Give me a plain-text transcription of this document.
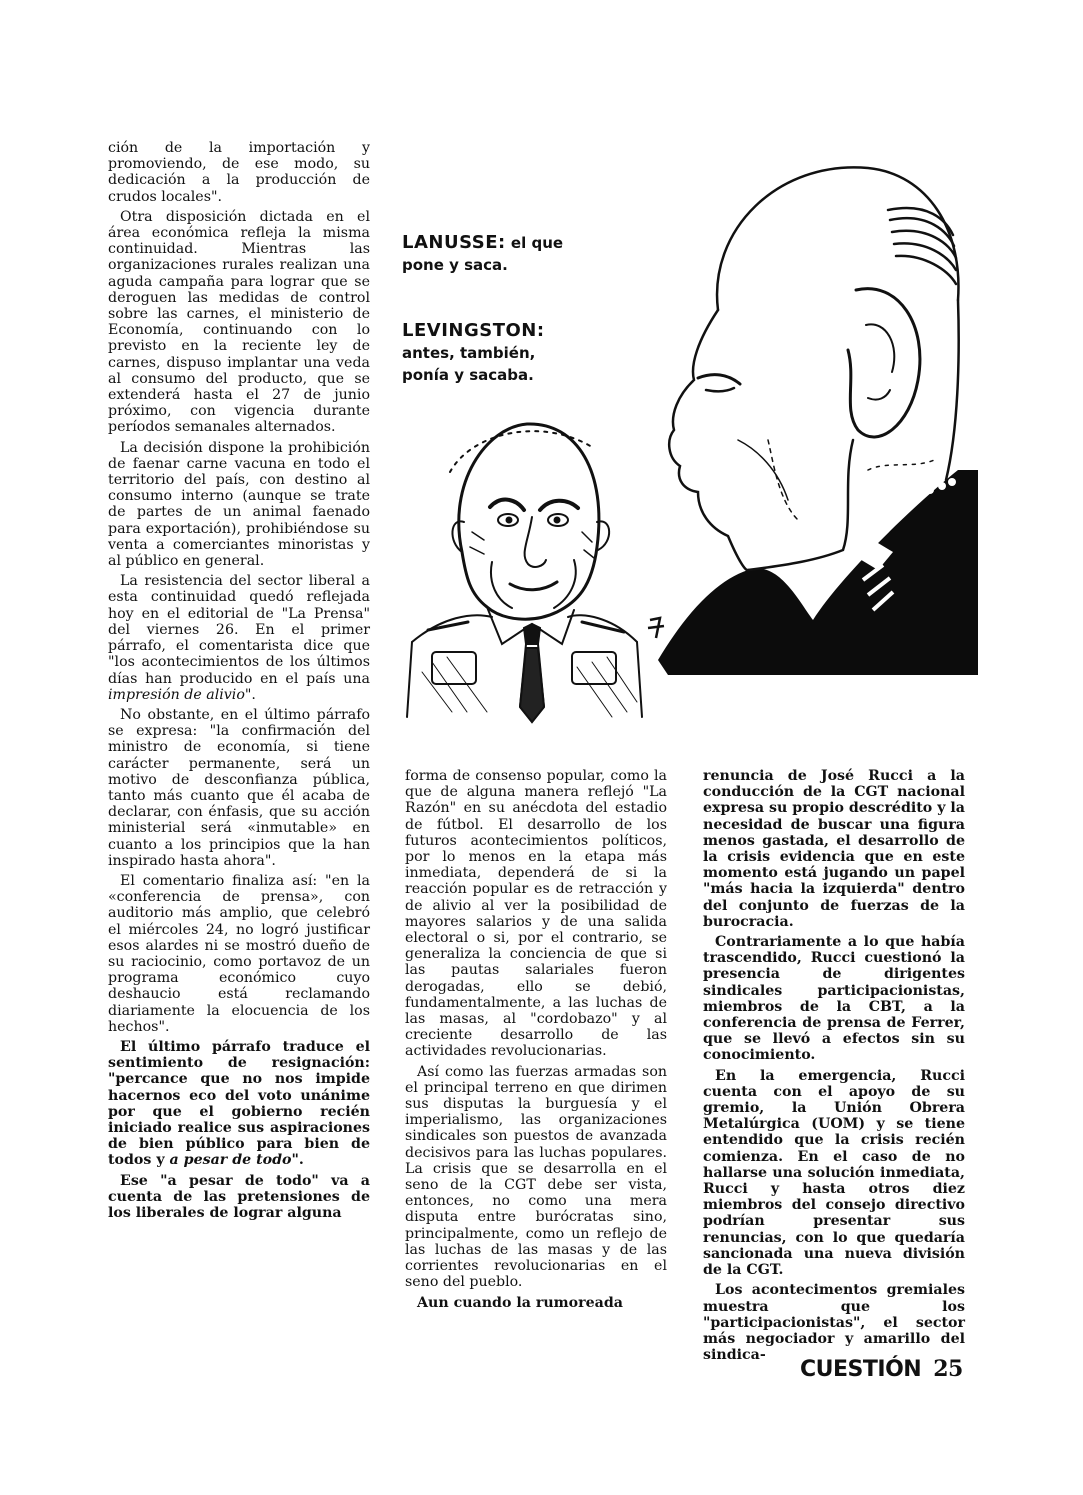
ción de la importación y promoviendo, de ese modo, su dedicación a la producción de crudos locales".

Otra disposición dictada en el área económica refleja la misma continuidad. Mientras las organizaciones rurales realizan una aguda campaña para lograr que se deroguen las medidas de control sobre las carnes, el ministerio de Economía, continuando con lo previsto en la reciente ley de carnes, dispuso implantar una veda al consumo del producto, que se extenderá hasta el 27 de junio próximo, con vigencia durante períodos semanales alternados.

La decisión dispone la prohibición de faenar carne vacuna en todo el territorio del país, con destino al consumo interno (aunque se trate de partes de un animal faenado para exportación), prohibiéndose su venta a comerciantes minoristas y al público en general.

La resistencia del sector liberal a esta continuidad quedó reflejada hoy en el editorial de "La Prensa" del viernes 26. En el primer párrafo, el comentarista dice que "los acontecimientos de los últimos días han producido en el país una impresión de alivio".

No obstante, en el último párrafo se expresa: "la confirmación del ministro de economía, si tiene carácter permanente, será un motivo de desconfianza pública, tanto más cuanto que él acaba de declarar, con énfasis, que su acción ministerial será «inmutable» en cuanto a los principios que la han inspirado hasta ahora".

El comentario finaliza así: "en la «conferencia de prensa», con auditorio más amplio, que celebró el miércoles 24, no logró justificar esos alardes ni se mostró dueño de su raciocinio, como portavoz de un programa económico cuyo deshaucio está reclamando diariamente la elocuencia de los hechos".

El último párrafo traduce el sentimiento de resignación: "percance que no nos impide hacernos eco del voto unánime por que el gobierno recién iniciado realice sus aspiraciones de bien público para bien de todos y a pesar de todo".

Ese "a pesar de todo" va a cuenta de las pretensiones de los liberales de lograr alguna

LANUSSE: el que pone y saca.
LEVINGSTON: antes, también, ponía y sacaba.

forma de consenso popular, como la que de alguna manera reflejó "La Razón" en su anécdota del estadio de fútbol. El desarrollo de los futuros acontecimientos políticos, por lo menos en la etapa más inmediata, dependerá de si la reacción popular es de retracción y de alivio al ver la posibilidad de mayores salarios y de una salida electoral o si, por el contrario, se generaliza la conciencia de que si las pautas salariales fueron derogadas, ello se debió, fundamentalmente, a las luchas de las masas, al "cordobazo" y al creciente desarrollo de las actividades revolucionarias.

Así como las fuerzas armadas son el principal terreno en que dirimen sus disputas la burguesía y el imperialismo, las organizaciones sindicales son puestos de avanzada decisivos para las luchas populares. La crisis que se desarrolla en el seno de la CGT debe ser vista, entonces, no como una mera disputa entre burócratas sino, principalmente, como un reflejo de las luchas de las masas y de las corrientes revolucionarias en el seno del pueblo.

Aun cuando la rumoreada

renuncia de José Rucci a la conducción de la CGT nacional expresa su propio descrédito y la necesidad de buscar una figura menos gastada, el desarrollo de la crisis evidencia que en este momento está jugando un papel "más hacia la izquierda" dentro del conjunto de fuerzas de la burocracia.

Contrariamente a lo que había trascendido, Rucci cuestionó la presencia de dirigentes sindicales participacionistas, miembros de la CBT, a la conferencia de prensa de Ferrer, que se llevó a efectos sin su conocimiento.

En la emergencia, Rucci cuenta con el apoyo de su gremio, la Unión Obrera Metalúrgica (UOM) y se tiene entendido que la crisis recién comienza. En el caso de no hallarse una solución inmediata, Rucci y hasta otros diez miembros del consejo directivo podrían presentar sus renuncias, con lo que quedaría sancionada una nueva división de la CGT.

Los acontecimentos gremiales muestra que los "participacionistas", el sector más negociador y amarillo del sindica-

CUESTIÓN 25
